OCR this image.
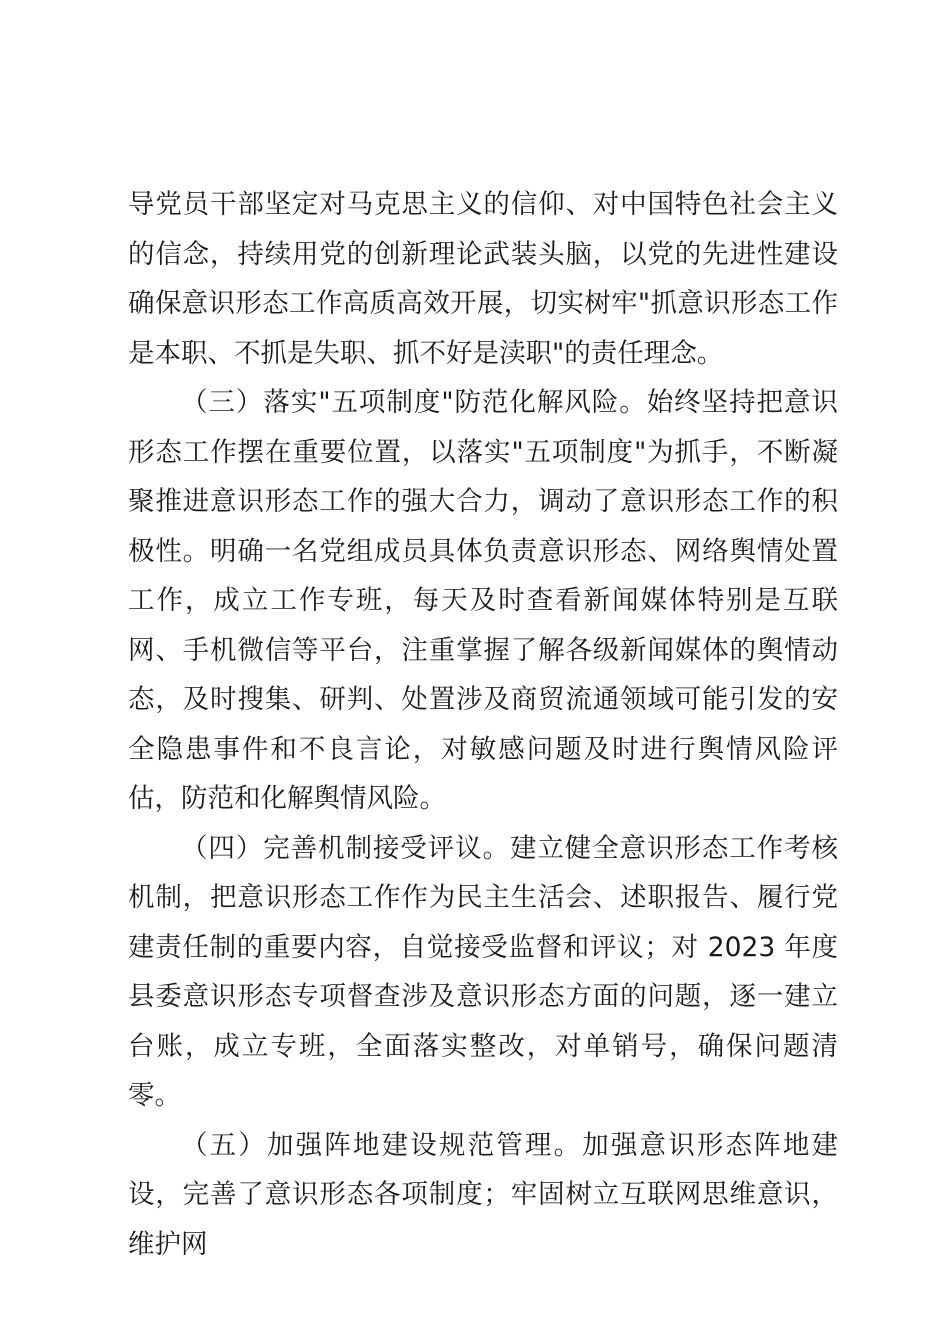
导党员干部坚定对马克思主义的信仰、对中国特色社会主义的信念，持续用党的创新理论武装头脑，以党的先进性建设确保意识形态工作高质高效开展，切实树牢"抓意识形态工作是本职、不抓是失职、抓不好是渎职"的责任理念。

（三）落实"五项制度"防范化解风险。始终坚持把意识形态工作摆在重要位置，以落实"五项制度"为抓手，不断凝聚推进意识形态工作的强大合力，调动了意识形态工作的积极性。明确一名党组成员具体负责意识形态、网络舆情处置工作，成立工作专班，每天及时查看新闻媒体特别是互联网、手机微信等平台，注重掌握了解各级新闻媒体的舆情动态，及时搜集、研判、处置涉及商贸流通领域可能引发的安全隐患事件和不良言论，对敏感问题及时进行舆情风险评估，防范和化解舆情风险。

（四）完善机制接受评议。建立健全意识形态工作考核机制，把意识形态工作作为民主生活会、述职报告、履行党建责任制的重要内容，自觉接受监督和评议；对 2023 年度县委意识形态专项督查涉及意识形态方面的问题，逐一建立台账，成立专班，全面落实整改，对单销号，确保问题清零。

（五）加强阵地建设规范管理。加强意识形态阵地建设，完善了意识形态各项制度；牢固树立互联网思维意识，维护网
